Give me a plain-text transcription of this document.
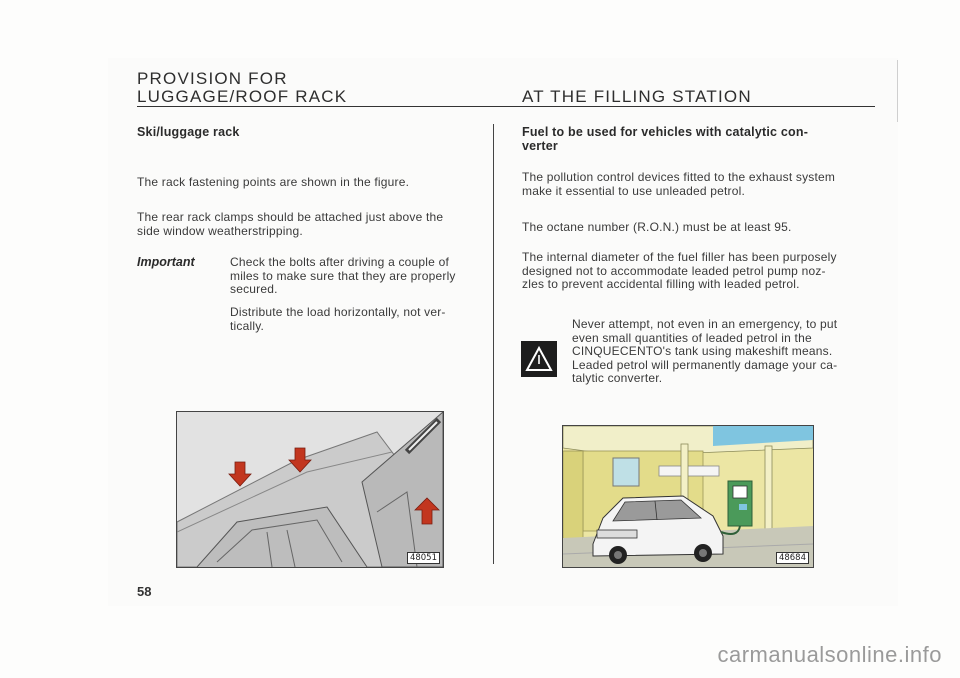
PROVISION FOR
LUGGAGE/ROOF RACK	AT THE FILLING STATION
Ski/luggage rack
The rack fastening points are shown in the figure.
The rear rack clamps should be attached just above the
side window weatherstripping.
Important	Check the bolts after driving a couple of
miles to make sure that they are properly
secured.
Distribute the load horizontally, not ver-
tically.
48051
58
Fuel to be used for vehicles with catalytic con-
verter
The pollution control devices fitted to the exhaust system
make it essential to use unleaded petrol.
The octane number (R.O.N.) must be at least 95.
The internal diameter of the fuel filler has been purposely
designed not to accommodate leaded petrol pump noz-
zles to prevent accidental filling with leaded petrol.
Never attempt, not even in an emergency, to put
even small quantities of leaded petrol in the
CINQUECENTO's tank using makeshift means.
Leaded petrol will permanently damage your ca-
talytic converter.
48684
carmanualsonline.info
